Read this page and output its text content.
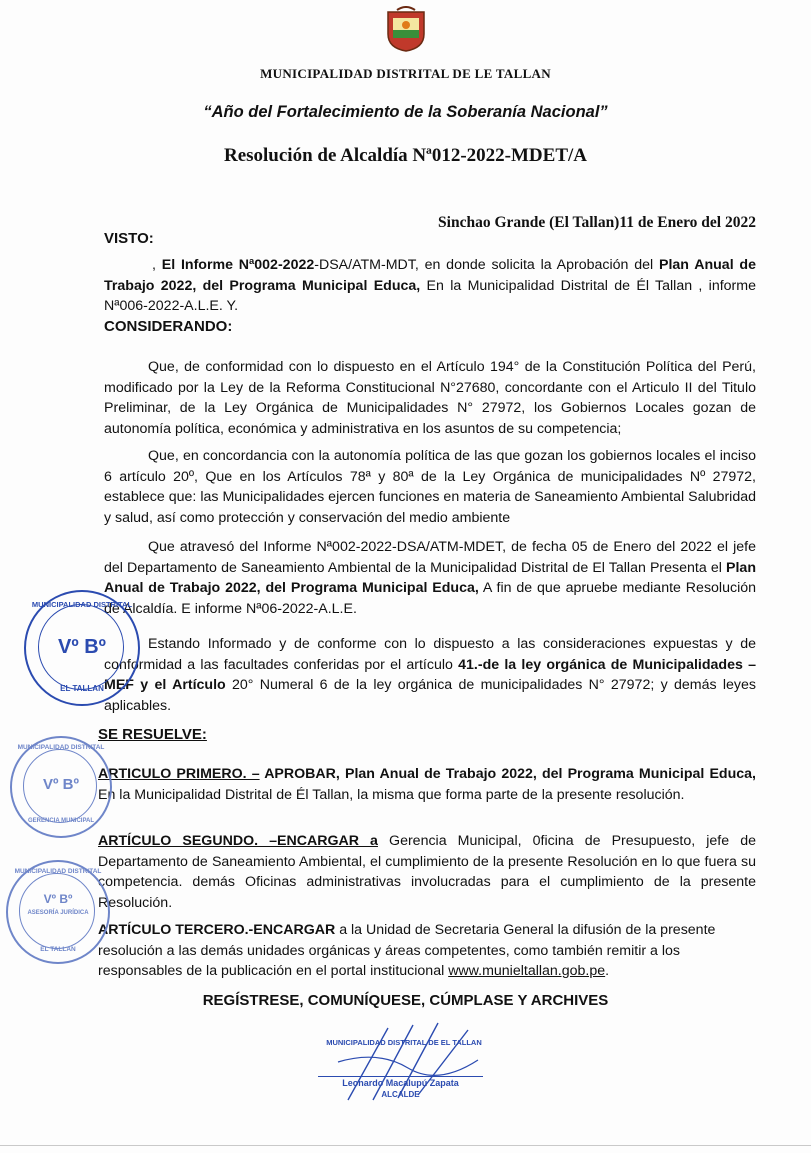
MUNICIPALIDAD DISTRITAL DE LE TALLAN
“Año del Fortalecimiento de la Soberanía Nacional”
Resolución de Alcaldía Nª012-2022-MDET/A
Sinchao Grande (El Tallan)11 de Enero del 2022
VISTO:
, El Informe Nª002-2022-DSA/ATM-MDT, en donde solicita la Aprobación del Plan Anual de Trabajo 2022, del Programa Municipal Educa, En la Municipalidad Distrital de Él Tallan , informe Nª006-2022-A.L.E. Y.
CONSIDERANDO:
Que, de conformidad con lo dispuesto en el Artículo 194° de la Constitución Política del Perú, modificado por la Ley de la Reforma Constitucional N°27680, concordante con el Articulo II del Titulo Preliminar, de la Ley Orgánica de Municipalidades N° 27972, los Gobiernos Locales gozan de autonomía política, económica y administrativa en los asuntos de su competencia;
Que, en concordancia con la autonomía política de las que gozan los gobiernos locales el inciso 6 artículo 20º, Que en los Artículos 78ª y 80ª de la Ley Orgánica de municipalidades Nº 27972, establece que: las Municipalidades ejercen funciones en materia de Saneamiento Ambiental Salubridad y salud, así como protección y conservación del medio ambiente
Que atravesó del Informe Nª002-2022-DSA/ATM-MDET, de fecha 05 de Enero del 2022 el jefe del Departamento de Saneamiento Ambiental de la Municipalidad Distrital de El Tallan Presenta el Plan Anual de Trabajo 2022, del Programa Municipal Educa, A fin de que apruebe mediante Resolución de Alcaldía. E informe Nª06-2022-A.L.E.
Estando Informado y de conforme con lo dispuesto a las consideraciones expuestas y de conformidad a las facultades conferidas por el artículo 41.-de la ley orgánica de Municipalidades –MEF y el Artículo 20° Numeral 6 de la ley orgánica de municipalidades N° 27972; y demás leyes aplicables.
SE RESUELVE:
ARTICULO PRIMERO. – APROBAR, Plan Anual de Trabajo 2022, del Programa Municipal Educa, En la Municipalidad Distrital de Él Tallan, la misma que forma parte de la presente resolución.
ARTÍCULO SEGUNDO. –ENCARGAR a Gerencia Municipal, 0ficina de Presupuesto, jefe de Departamento de Saneamiento Ambiental, el cumplimiento de la presente Resolución en lo que fuera su competencia. demás Oficinas administrativas involucradas para el cumplimiento de la presente Resolución.
ARTÍCULO TERCERO.-ENCARGAR a la Unidad de Secretaria General la difusión de la presente resolución a las demás unidades orgánicas y áreas competentes, como también remitir a los responsables de la publicación en el portal institucional www.munieltallan.gob.pe.
REGÍSTRESE, COMUNÍQUESE, CÚMPLASE Y ARCHIVES
MUNICIPALIDAD DISTRITAL DE EL TALLAN
Leonardo Macalupú Zapata
ALCALDE
MUNICIPALIDAD DISTRITAL
Vº Bº
EL TALLAN
MUNICIPALIDAD DISTRITAL
Vº Bº
GERENCIA MUNICIPAL
MUNICIPALIDAD DISTRITAL
Vº Bº
ASESORÍA JURÍDICA
EL TALLAN
